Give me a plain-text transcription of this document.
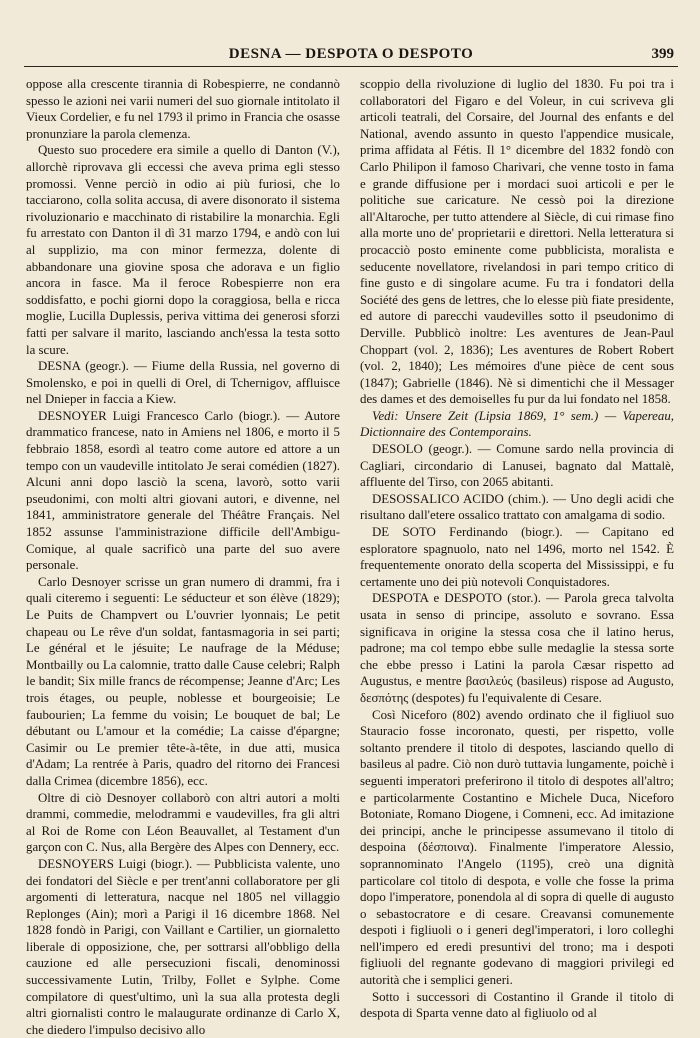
DESNA — DESPOTA O DESPOTO	399

oppose alla crescente tirannia di Robespierre, ne condannò spesso le azioni nei varii numeri del suo giornale intitolato il Vieux Cordelier, e fu nel 1793 il primo in Francia che osasse pronunziare la parola clemenza.

Questo suo procedere era simile a quello di Danton (V.), allorchè riprovava gli eccessi che aveva prima egli stesso promossi. Venne perciò in odio ai più furiosi, che lo tacciarono, colla solita accusa, di avere disonorato il sistema rivoluzionario e macchinato di ristabilire la monarchia. Egli fu arrestato con Danton il dì 31 marzo 1794, e andò con lui al supplizio, ma con minor fermezza, dolente di abbandonare una giovine sposa che adorava e un figlio ancora in fasce. Ma il feroce Robespierre non era soddisfatto, e pochi giorni dopo la coraggiosa, bella e ricca moglie, Lucilla Duplessis, periva vittima dei generosi sforzi fatti per salvare il marito, lasciando anch'essa la testa sotto la scure.

DESNA (geogr.). — Fiume della Russia, nel governo di Smolensko, e poi in quelli di Orel, di Tchernigov, affluisce nel Dnieper in faccia a Kiew.

DESNOYER Luigi Francesco Carlo (biogr.). — Autore drammatico francese, nato in Amiens nel 1806, e morto il 5 febbraio 1858, esordì al teatro come autore ed attore a un tempo con un vaudeville intitolato Je serai comédien (1827). Alcuni anni dopo lasciò la scena, lavorò, sotto varii pseudonimi, con molti altri giovani autori, e divenne, nel 1841, amministratore generale del Théâtre Français. Nel 1852 assunse l'amministrazione difficile dell'Ambigu-Comique, al quale sacrificò una parte del suo avere personale.

Carlo Desnoyer scrisse un gran numero di drammi, fra i quali citeremo i seguenti: Le séducteur et son élève (1829); Le Puits de Champvert ou L'ouvrier lyonnais; Le petit chapeau ou Le rêve d'un soldat, fantasmagoria in sei parti; Le général et le jésuite; Le naufrage de la Méduse; Montbailly ou La calomnie, tratto dalle Cause celebri; Ralph le bandit; Six mille francs de récompense; Jeanne d'Arc; Les trois étages, ou peuple, noblesse et bourgeoisie; Le faubourien; La femme du voisin; Le bouquet de bal; Le débutant ou L'amour et la comédie; La caisse d'épargne; Casimir ou Le premier tête-à-tête, in due atti, musica d'Adam; La rentrée à Paris, quadro del ritorno dei Francesi dalla Crimea (dicembre 1856), ecc.

Oltre di ciò Desnoyer collaborò con altri autori a molti drammi, commedie, melodrammi e vaudevilles, fra gli altri al Roi de Rome con Léon Beauvallet, al Testament d'un garçon con C. Nus, alla Bergère des Alpes con Dennery, ecc.

DESNOYERS Luigi (biogr.). — Pubblicista valente, uno dei fondatori del Siècle e per trent'anni collaboratore per gli argomenti di letteratura, nacque nel 1805 nel villaggio Replonges (Ain); morì a Parigi il 16 dicembre 1868. Nel 1828 fondò in Parigi, con Vaillant e Cartilier, un giornaletto liberale di opposizione, che, per sottrarsi all'obbligo della cauzione ed alle persecuzioni fiscali, denominossi successivamente Lutin, Trilby, Follet e Sylphe. Come compilatore di quest'ultimo, unì la sua alla protesta degli altri giornalisti contro le malaugurate ordinanze di Carlo X, che diedero l'impulso decisivo allo

scoppio della rivoluzione di luglio del 1830. Fu poi tra i collaboratori del Figaro e del Voleur, in cui scriveva gli articoli teatrali, del Corsaire, del Journal des enfants e del National, avendo assunto in questo l'appendice musicale, prima affidata al Fétis. Il 1° dicembre del 1832 fondò con Carlo Philipon il famoso Charivari, che venne tosto in fama e grande diffusione per i mordaci suoi articoli e per le politiche sue caricature. Ne cessò poi la direzione all'Altaroche, per tutto attendere al Siècle, di cui rimase fino alla morte uno de' proprietarii e direttori. Nella letteratura si procacciò posto eminente come pubblicista, moralista e seducente novellatore, rivelandosi in pari tempo critico di fine gusto e di singolare acume. Fu tra i fondatori della Société des gens de lettres, che lo elesse più fiate presidente, ed autore di parecchi vaudevilles sotto il pseudonimo di Derville. Pubblicò inoltre: Les aventures de Jean-Paul Choppart (vol. 2, 1836); Les aventures de Robert Robert (vol. 2, 1840); Les mémoires d'une pièce de cent sous (1847); Gabrielle (1846). Nè si dimentichi che il Messager des dames et des demoiselles fu pur da lui fondato nel 1858.

Vedi: Unsere Zeit (Lipsia 1869, 1° sem.) — Vapereau, Dictionnaire des Contemporains.

DESOLO (geogr.). — Comune sardo nella provincia di Cagliari, circondario di Lanusei, bagnato dal Mattalè, affluente del Tirso, con 2065 abitanti.

DESOSSALICO ACIDO (chim.). — Uno degli acidi che risultano dall'etere ossalico trattato con amalgama di sodio.

DE SOTO Ferdinando (biogr.). — Capitano ed esploratore spagnuolo, nato nel 1496, morto nel 1542. È frequentemente onorato della scoperta del Mississippi, e fu certamente uno dei più notevoli Conquistadores.

DESPOTA e DESPOTO (stor.). — Parola greca talvolta usata in senso di principe, assoluto e sovrano. Essa significava in origine la stessa cosa che il latino herus, padrone; ma col tempo ebbe sulle medaglie la stessa sorte che ebbe presso i Latini la parola Cæsar rispetto ad Augustus, e mentre βασιλεύς (basileus) rispose ad Augusto, δεσπότης (despotes) fu l'equivalente di Cesare.

Così Niceforo (802) avendo ordinato che il figliuol suo Stauracio fosse incoronato, questi, per rispetto, volle soltanto prendere il titolo di despotes, lasciando quello di basileus al padre. Ciò non durò tuttavia lungamente, poichè i seguenti imperatori preferirono il titolo di despotes all'altro; e particolarmente Costantino e Michele Duca, Niceforo Botoniate, Romano Diogene, i Comneni, ecc. Ad imitazione dei principi, anche le principesse assumevano il titolo di despoina (δέσποινα). Finalmente l'imperatore Alessio, soprannominato l'Angelo (1195), creò una dignità particolare col titolo di despota, e volle che fosse la prima dopo l'imperatore, ponendola al di sopra di quelle di augusto o sebastocratore e di cesare. Creavansi comunemente despoti i figliuoli o i generi degl'imperatori, i loro colleghi nell'impero ed eredi presuntivi del trono; ma i despoti figliuoli del regnante godevano di maggiori privilegi ed autorità che i semplici generi.

Sotto i successori di Costantino il Grande il titolo di despota di Sparta venne dato al figliuolo od al
